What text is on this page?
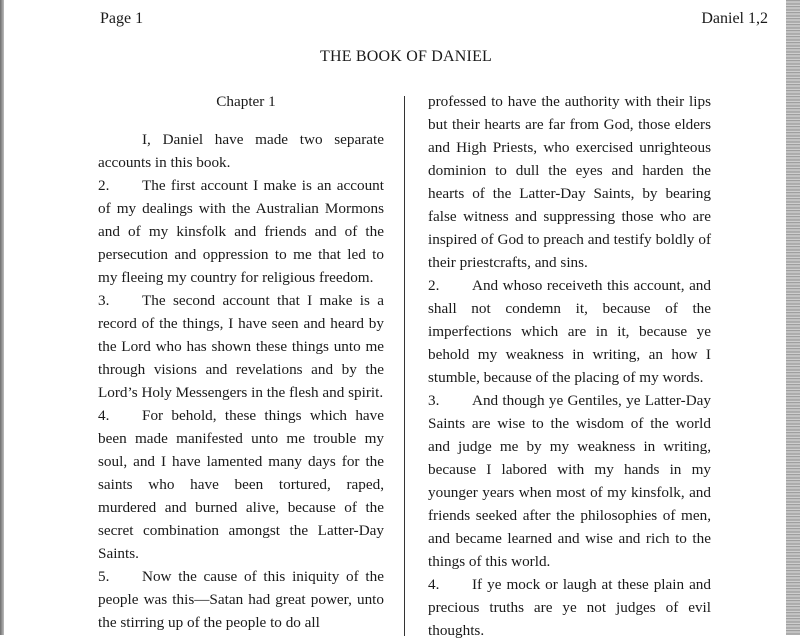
Page 1	Daniel 1,2
THE BOOK OF DANIEL

Chapter 1

I, Daniel have made two separate accounts in this book.

2. The first account I make is an account of my dealings with the Australian Mormons and of my kinsfolk and friends and of the persecution and oppression to me that led to my fleeing my country for religious freedom.

3. The second account that I make is a record of the things, I have seen and heard by the Lord who has shown these things unto me through visions and revelations and by the Lord’s Holy Messengers in the flesh and spirit.

4. For behold, these things which have been made manifested unto me trouble my soul, and I have lamented many days for the saints who have been tortured, raped, murdered and burned alive, because of the secret combination amongst the Latter-Day Saints.

5. Now the cause of this iniquity of the people was this—Satan had great power, unto the stirring up of the people to do all

professed to have the authority with their lips but their hearts are far from God, those elders and High Priests, who exercised unrighteous dominion to dull the eyes and harden the hearts of the Latter-Day Saints, by bearing false witness and suppressing those who are inspired of God to preach and testify boldly of their priestcrafts, and sins.

2. And whoso receiveth this account, and shall not condemn it, because of the imperfections which are in it, because ye behold my weakness in writing, an how I stumble, because of the placing of my words.

3. And though ye Gentiles, ye Latter-Day Saints are wise to the wisdom of the world and judge me by my weakness in writing, because I labored with my hands in my younger years when most of my kinsfolk, and friends seeked after the philosophies of men, and became learned and wise and rich to the things of this world.

4. If ye mock or laugh at these plain and precious truths are ye not judges of evil thoughts.
